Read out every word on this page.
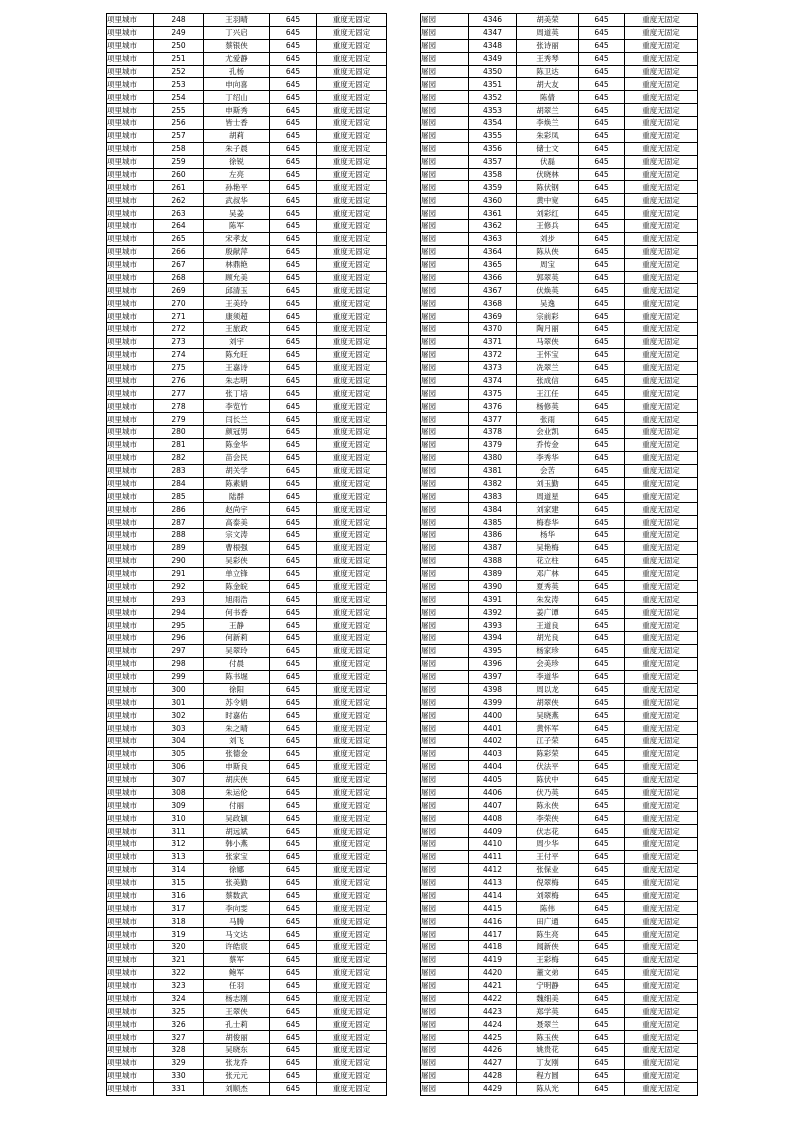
项里城市	248	王羽晴	645	重度无固定
项里城市	249	丁兴启	645	重度无固定
项里城市	250	蔡银侠	645	重度无固定
项里城市	251	尤爱静	645	重度无固定
项里城市	252	孔杨	645	重度无固定
项里城市	253	申向喜	645	重度无固定
项里城市	254	丁绍山	645	重度无固定
项里城市	255	申斯秀	645	重度无固定
项里城市	256	皆士香	645	重度无固定
项里城市	257	胡莉	645	重度无固定
项里城市	258	朱子晨	645	重度无固定
项里城市	259	徐锐	645	重度无固定
项里城市	260	左亮	645	重度无固定
项里城市	261	孙艳平	645	重度无固定
项里城市	262	武叔华	645	重度无固定
项里城市	263	吴姜	645	重度无固定
项里城市	264	陈军	645	重度无固定
项里城市	265	宋孝友	645	重度无固定
项里城市	266	殷献萍	645	重度无固定
项里城市	267	林鼎艳	645	重度无固定
项里城市	268	顾允美	645	重度无固定
项里城市	269	邱清玉	645	重度无固定
项里城市	270	王美玲	645	重度无固定
项里城市	271	康须超	645	重度无固定
项里城市	272	王旅政	645	重度无固定
项里城市	273	刘宇	645	重度无固定
项里城市	274	陈允旺	645	重度无固定
项里城市	275	王嘉诗	645	重度无固定
项里城市	276	朱志明	645	重度无固定
项里城市	277	张丁培	645	重度无固定
项里城市	278	李览竹	645	重度无固定
项里城市	279	闫长兰	645	重度无固定
项里城市	280	颜冠男	645	重度无固定
项里城市	281	陈金华	645	重度无固定
项里城市	282	苗会民	645	重度无固定
项里城市	283	胡关学	645	重度无固定
项里城市	284	陈素娟	645	重度无固定
项里城市	285	陆群	645	重度无固定
项里城市	286	赵尚宇	645	重度无固定
项里城市	287	高泰美	645	重度无固定
项里城市	288	宗文涛	645	重度无固定
项里城市	289	曹根强	645	重度无固定
项里城市	290	吴彩侠	645	重度无固定
项里城市	291	单立锋	645	重度无固定
项里城市	292	陈金皖	645	重度无固定
项里城市	293	旭雨浩	645	重度无固定
项里城市	294	何书香	645	重度无固定
项里城市	295	王静	645	重度无固定
项里城市	296	何新莉	645	重度无固定
项里城市	297	吴翠玲	645	重度无固定
项里城市	298	付晨	645	重度无固定
项里城市	299	陈书堀	645	重度无固定
项里城市	300	徐阳	645	重度无固定
项里城市	301	苏令娟	645	重度无固定
项里城市	302	时嘉佑	645	重度无固定
项里城市	303	朱之晴	645	重度无固定
项里城市	304	刘飞	645	重度无固定
项里城市	305	张德金	645	重度无固定
项里城市	306	申斯良	645	重度无固定
项里城市	307	胡庆侠	645	重度无固定
项里城市	308	朱运伦	645	重度无固定
项里城市	309	付丽	645	重度无固定
项里城市	310	吴政颖	645	重度无固定
项里城市	311	胡远斌	645	重度无固定
项里城市	312	韩小燕	645	重度无固定
项里城市	313	张家宝	645	重度无固定
项里城市	314	徐娜	645	重度无固定
项里城市	315	张美勤	645	重度无固定
项里城市	316	蔡数武	645	重度无固定
项里城市	317	李向雯	645	重度无固定
项里城市	318	马腾	645	重度无固定
项里城市	319	马文达	645	重度无固定
项里城市	320	许皓宸	645	重度无固定
项里城市	321	蔡军	645	重度无固定
项里城市	322	鲍军	645	重度无固定
项里城市	323	任羽	645	重度无固定
项里城市	324	杨志刚	645	重度无固定
项里城市	325	王翠侠	645	重度无固定
项里城市	326	孔士莉	645	重度无固定
项里城市	327	胡俊丽	645	重度无固定
项里城市	328	吴晓东	645	重度无固定
项里城市	329	张龙乔	645	重度无固定
项里城市	330	张元元	645	重度无固定
项里城市	331	刘顺杰	645	重度无固定
屠园	4346	胡美荣	645	重度无固定
屠园	4347	周道英	645	重度无固定
屠园	4348	张诗丽	645	重度无固定
屠园	4349	王秀琴	645	重度无固定
屠园	4350	陈卫达	645	重度无固定
屠园	4351	胡大友	645	重度无固定
屠园	4352	陈倩	645	重度无固定
屠园	4353	胡翠兰	645	重度无固定
屠园	4354	李焕兰	645	重度无固定
屠园	4355	朱彩凤	645	重度无固定
屠园	4356	储士文	645	重度无固定
屠园	4357	伏磊	645	重度无固定
屠园	4358	伏晓林	645	重度无固定
屠园	4359	陈伏钢	645	重度无固定
屠园	4360	黄中宽	645	重度无固定
屠园	4361	刘彩红	645	重度无固定
屠园	4362	王修兵	645	重度无固定
屠园	4363	刘步	645	重度无固定
屠园	4364	陈从侠	645	重度无固定
屠园	4365	周宝	645	重度无固定
屠园	4366	郭翠英	645	重度无固定
屠园	4367	伏焕英	645	重度无固定
屠园	4368	吴逸	645	重度无固定
屠园	4369	宗前彩	645	重度无固定
屠园	4370	陶月丽	645	重度无固定
屠园	4371	马翠侠	645	重度无固定
屠园	4372	王怀宝	645	重度无固定
屠园	4373	冼翠兰	645	重度无固定
屠园	4374	张成信	645	重度无固定
屠园	4375	王江任	645	重度无固定
屠园	4376	杨修英	645	重度无固定
屠园	4377	张雨	645	重度无固定
屠园	4378	会业凯	645	重度无固定
屠园	4379	乔传金	645	重度无固定
屠园	4380	李秀华	645	重度无固定
屠园	4381	会苦	645	重度无固定
屠园	4382	刘玉勤	645	重度无固定
屠园	4383	周道星	645	重度无固定
屠园	4384	刘家建	645	重度无固定
屠园	4385	梅春华	645	重度无固定
屠园	4386	杨华	645	重度无固定
屠园	4387	吴艳梅	645	重度无固定
屠园	4388	花立柱	645	重度无固定
屠园	4389	邓广林	645	重度无固定
屠园	4390	夏秀英	645	重度无固定
屠园	4391	朱发涛	645	重度无固定
屠园	4392	姜广谭	645	重度无固定
屠园	4393	王道良	645	重度无固定
屠园	4394	胡光良	645	重度无固定
屠园	4395	杨家珍	645	重度无固定
屠园	4396	会美珍	645	重度无固定
屠园	4397	李道华	645	重度无固定
屠园	4398	周以龙	645	重度无固定
屠园	4399	胡翠侠	645	重度无固定
屠园	4400	吴晓燕	645	重度无固定
屠园	4401	黄怀军	645	重度无固定
屠园	4402	江子荣	645	重度无固定
屠园	4403	陈彩荣	645	重度无固定
屠园	4404	伏法平	645	重度无固定
屠园	4405	陈伏中	645	重度无固定
屠园	4406	伏乃英	645	重度无固定
屠园	4407	陈永侠	645	重度无固定
屠园	4408	李荣侠	645	重度无固定
屠园	4409	伏志花	645	重度无固定
屠园	4410	周少华	645	重度无固定
屠园	4411	王付平	645	重度无固定
屠园	4412	张保业	645	重度无固定
屠园	4413	倪翠梅	645	重度无固定
屠园	4414	刘翠梅	645	重度无固定
屠园	4415	陈伟	645	重度无固定
屠园	4416	田广通	645	重度无固定
屠园	4417	陈生亮	645	重度无固定
屠园	4418	闻新侠	645	重度无固定
屠园	4419	王彩梅	645	重度无固定
屠园	4420	董文弟	645	重度无固定
屠园	4421	宁明静	645	重度无固定
屠园	4422	魏细美	645	重度无固定
屠园	4423	郑学英	645	重度无固定
屠园	4424	聂翠兰	645	重度无固定
屠园	4425	陈玉侠	645	重度无固定
屠园	4426	姚贵花	645	重度无固定
屠园	4427	丁友刚	645	重度无固定
屠园	4428	程方圆	645	重度无固定
屠园	4429	陈从光	645	重度无固定
